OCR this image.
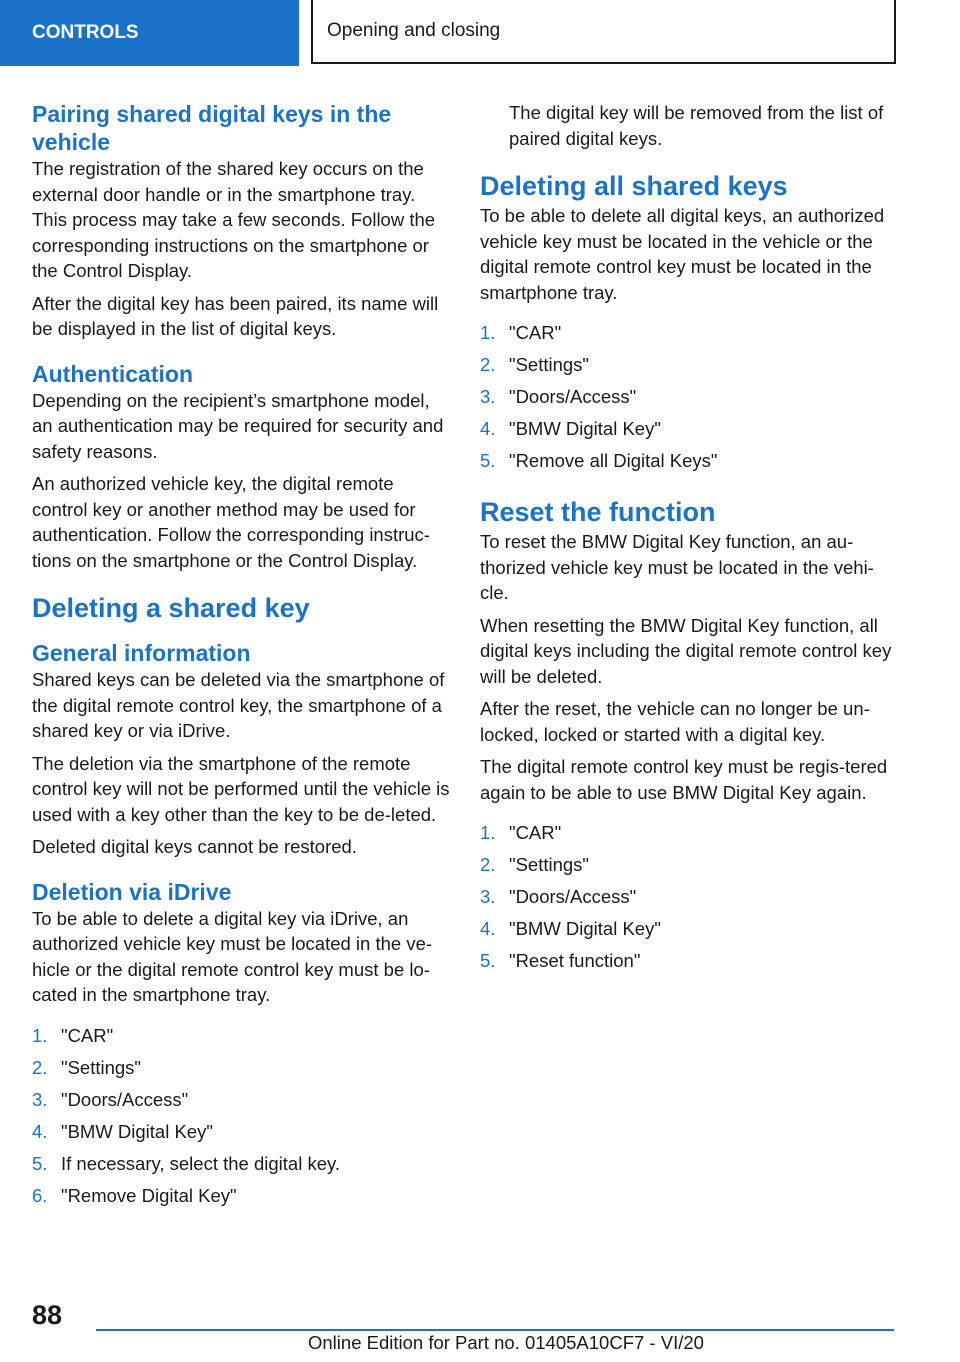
CONTROLS	Opening and closing
Pairing shared digital keys in the vehicle

The registration of the shared key occurs on the external door handle or in the smartphone tray. This process may take a few seconds. Follow the corresponding instructions on the smartphone or the Control Display.

After the digital key has been paired, its name will be displayed in the list of digital keys.

Authentication

Depending on the recipient’s smartphone model, an authentication may be required for security and safety reasons.

An authorized vehicle key, the digital remote control key or another method may be used for authentication. Follow the corresponding instruc‐tions on the smartphone or the Control Display.

Deleting a shared key
General information

Shared keys can be deleted via the smartphone of the digital remote control key, the smartphone of a shared key or via iDrive.

The deletion via the smartphone of the remote control key will not be performed until the vehicle is used with a key other than the key to be de‐leted.

Deleted digital keys cannot be restored.

Deletion via iDrive

To be able to delete a digital key via iDrive, an authorized vehicle key must be located in the ve‐hicle or the digital remote control key must be lo‐cated in the smartphone tray.

1. "CAR"
2. "Settings"
3. "Doors/Access"
4. "BMW Digital Key"
5. If necessary, select the digital key.
6. "Remove Digital Key"

The digital key will be removed from the list of paired digital keys.

Deleting all shared keys

To be able to delete all digital keys, an authorized vehicle key must be located in the vehicle or the digital remote control key must be located in the smartphone tray.

1. "CAR"
2. "Settings"
3. "Doors/Access"
4. "BMW Digital Key"
5. "Remove all Digital Keys"
Reset the function

To reset the BMW Digital Key function, an au‐thorized vehicle key must be located in the vehi‐cle.

When resetting the BMW Digital Key function, all digital keys including the digital remote control key will be deleted.

After the reset, the vehicle can no longer be un‐locked, locked or started with a digital key.

The digital remote control key must be regis‐tered again to be able to use BMW Digital Key again.

1. "CAR"
2. "Settings"
3. "Doors/Access"
4. "BMW Digital Key"
5. "Reset function"
88
Online Edition for Part no. 01405A10CF7 - VI/20
